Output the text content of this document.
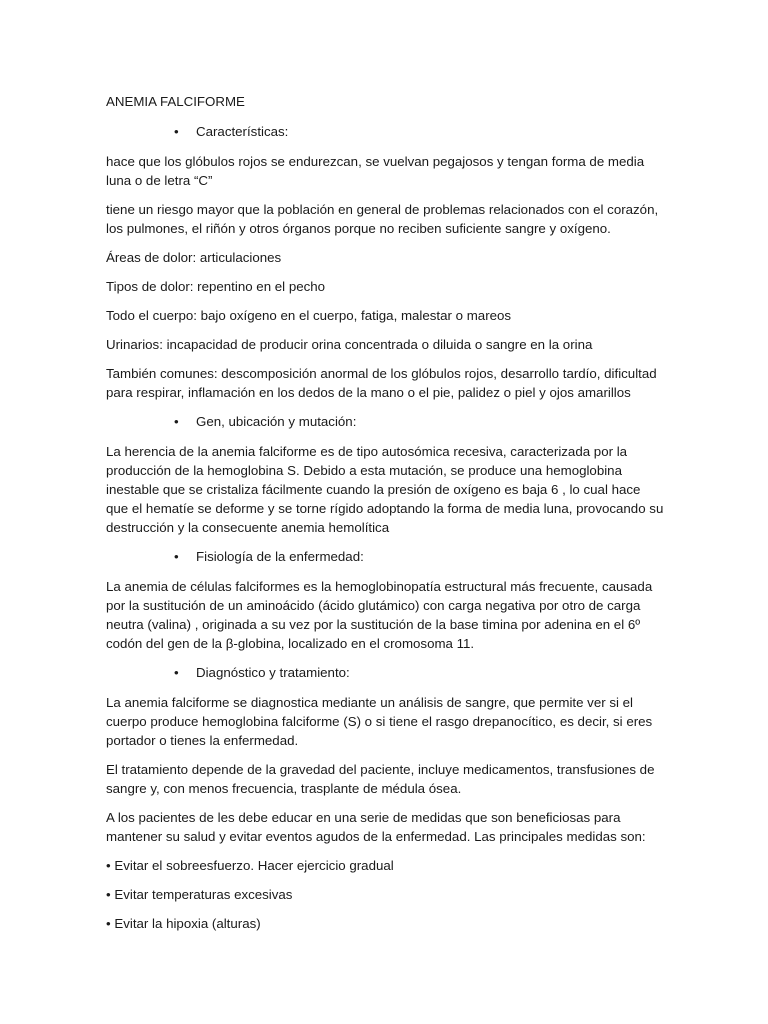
ANEMIA FALCIFORME
• Características:

hace que los glóbulos rojos se endurezcan, se vuelvan pegajosos y tengan forma de media luna o de letra “C”

tiene un riesgo mayor que la población en general de problemas relacionados con el corazón, los pulmones, el riñón y otros órganos porque no reciben suficiente sangre y oxígeno.

Áreas de dolor: articulaciones

Tipos de dolor: repentino en el pecho

Todo el cuerpo: bajo oxígeno en el cuerpo, fatiga, malestar o mareos

Urinarios: incapacidad de producir orina concentrada o diluida o sangre en la orina

También comunes: descomposición anormal de los glóbulos rojos, desarrollo tardío, dificultad para respirar, inflamación en los dedos de la mano o el pie, palidez o piel y ojos amarillos

• Gen, ubicación y mutación:

La herencia de la anemia falciforme es de tipo autosómica recesiva, caracterizada por la producción de la hemoglobina S. Debido a esta mutación, se produce una hemoglobina inestable que se cristaliza fácilmente cuando la presión de oxígeno es baja 6 , lo cual hace que el hematíe se deforme y se torne rígido adoptando la forma de media luna, provocando su destrucción y la consecuente anemia hemolítica

• Fisiología de la enfermedad:

La anemia de células falciformes es la hemoglobinopatía estructural más frecuente, causada por la sustitución de un aminoácido (ácido glutámico) con carga negativa por otro de carga neutra (valina) , originada a su vez por la sustitución de la base timina por adenina en el 6º codón del gen de la β-globina, localizado en el cromosoma 11.

• Diagnóstico y tratamiento:

La anemia falciforme se diagnostica mediante un análisis de sangre, que permite ver si el cuerpo produce hemoglobina falciforme (S) o si tiene el rasgo drepanocítico, es decir, si eres portador o tienes la enfermedad.

El tratamiento depende de la gravedad del paciente, incluye medicamentos, transfusiones de sangre y, con menos frecuencia, trasplante de médula ósea.

A los pacientes de les debe educar en una serie de medidas que son beneficiosas para mantener su salud y evitar eventos agudos de la enfermedad. Las principales medidas son:

• Evitar el sobreesfuerzo. Hacer ejercicio gradual
• Evitar temperaturas excesivas
• Evitar la hipoxia (alturas)
